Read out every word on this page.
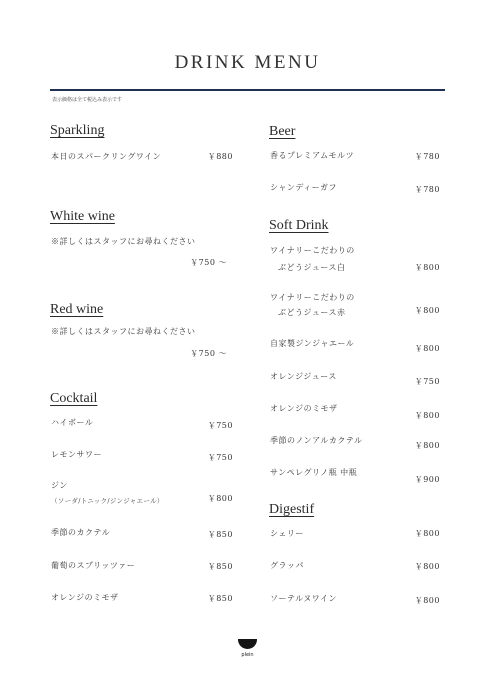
DRINK MENU
表示価格は全て税込み表示です
Sparkling
本日のスパークリングワイン	￥880
White wine
※詳しくはスタッフにお尋ねください
￥750 ～
Red wine
※詳しくはスタッフにお尋ねください
￥750 ～
Cocktail
ハイボール	￥750
レモンサワー	￥750
ジン
（ソーダ/トニック/ジンジャエール）	￥800
季節のカクテル	￥850
葡萄のスプリッツァー	￥850
オレンジのミモザ	￥850
Beer
香るプレミアムモルツ	￥780
シャンディーガフ	￥780
Soft Drink
ワイナリーこだわりの
ぶどうジュース白	￥800
ワイナリーこだわりの
ぶどうジュース赤	￥800
自家製ジンジャエール
￥800
オレンジジュース
￥750
オレンジのミモザ
￥800
季節のノンアルカクテル
￥800
サンペレグリノ瓶 中瓶
￥900
Digestif
シェリー	￥800
グラッパ	￥800
ソーテルヌワイン	￥800
plein
